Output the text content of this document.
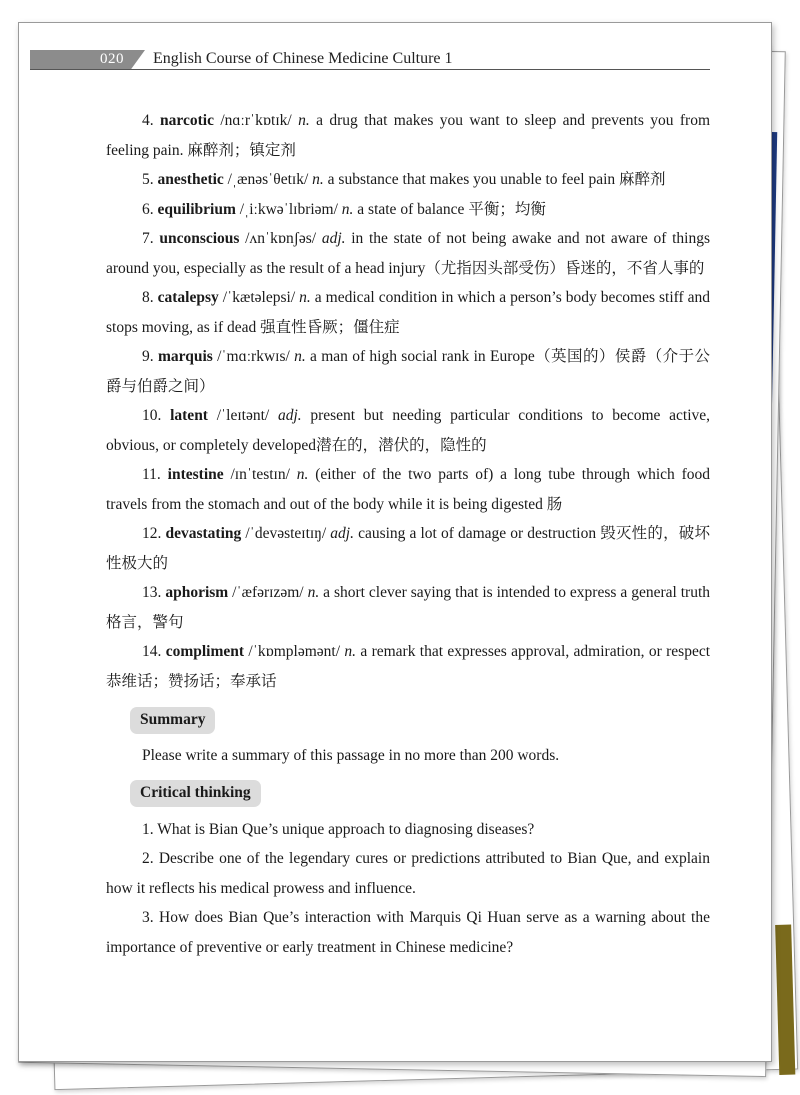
020 English Course of Chinese Medicine Culture 1

4. narcotic /nɑːrˈkɒtɪk/ n. a drug that makes you want to sleep and prevents you from feeling pain. 麻醉剂；镇定剂

5. anesthetic /ˌænəsˈθetɪk/ n. a substance that makes you unable to feel pain 麻醉剂

6. equilibrium /ˌiːkwəˈlɪbriəm/ n. a state of balance 平衡；均衡

7. unconscious /ʌnˈkɒnʃəs/ adj. in the state of not being awake and not aware of things around you, especially as the result of a head injury（尤指因头部受伤）昏迷的，不省人事的

8. catalepsy /ˈkætəlepsi/ n. a medical condition in which a person’s body becomes stiff and stops moving, as if dead 强直性昏厥；僵住症

9. marquis /ˈmɑːrkwɪs/ n. a man of high social rank in Europe（英国的）侯爵（介于公爵与伯爵之间）

10. latent /ˈleɪtənt/ adj. present but needing particular conditions to become active, obvious, or completely developed潜在的，潜伏的，隐性的

11. intestine /ɪnˈtestɪn/ n. (either of the two parts of) a long tube through which food travels from the stomach and out of the body while it is being digested 肠

12. devastating /ˈdevəsteɪtɪŋ/ adj. causing a lot of damage or destruction 毁灭性的，破坏性极大的

13. aphorism /ˈæfərɪzəm/ n. a short clever saying that is intended to express a general truth 格言，警句

14. compliment /ˈkɒmpləmənt/ n. a remark that expresses approval, admiration, or respect 恭维话；赞扬话；奉承话

Summary

Please write a summary of this passage in no more than 200 words.

Critical thinking

1. What is Bian Que’s unique approach to diagnosing diseases?

2. Describe one of the legendary cures or predictions attributed to Bian Que, and explain how it reflects his medical prowess and influence.

3. How does Bian Que’s interaction with Marquis Qi Huan serve as a warning about the importance of preventive or early treatment in Chinese medicine?
